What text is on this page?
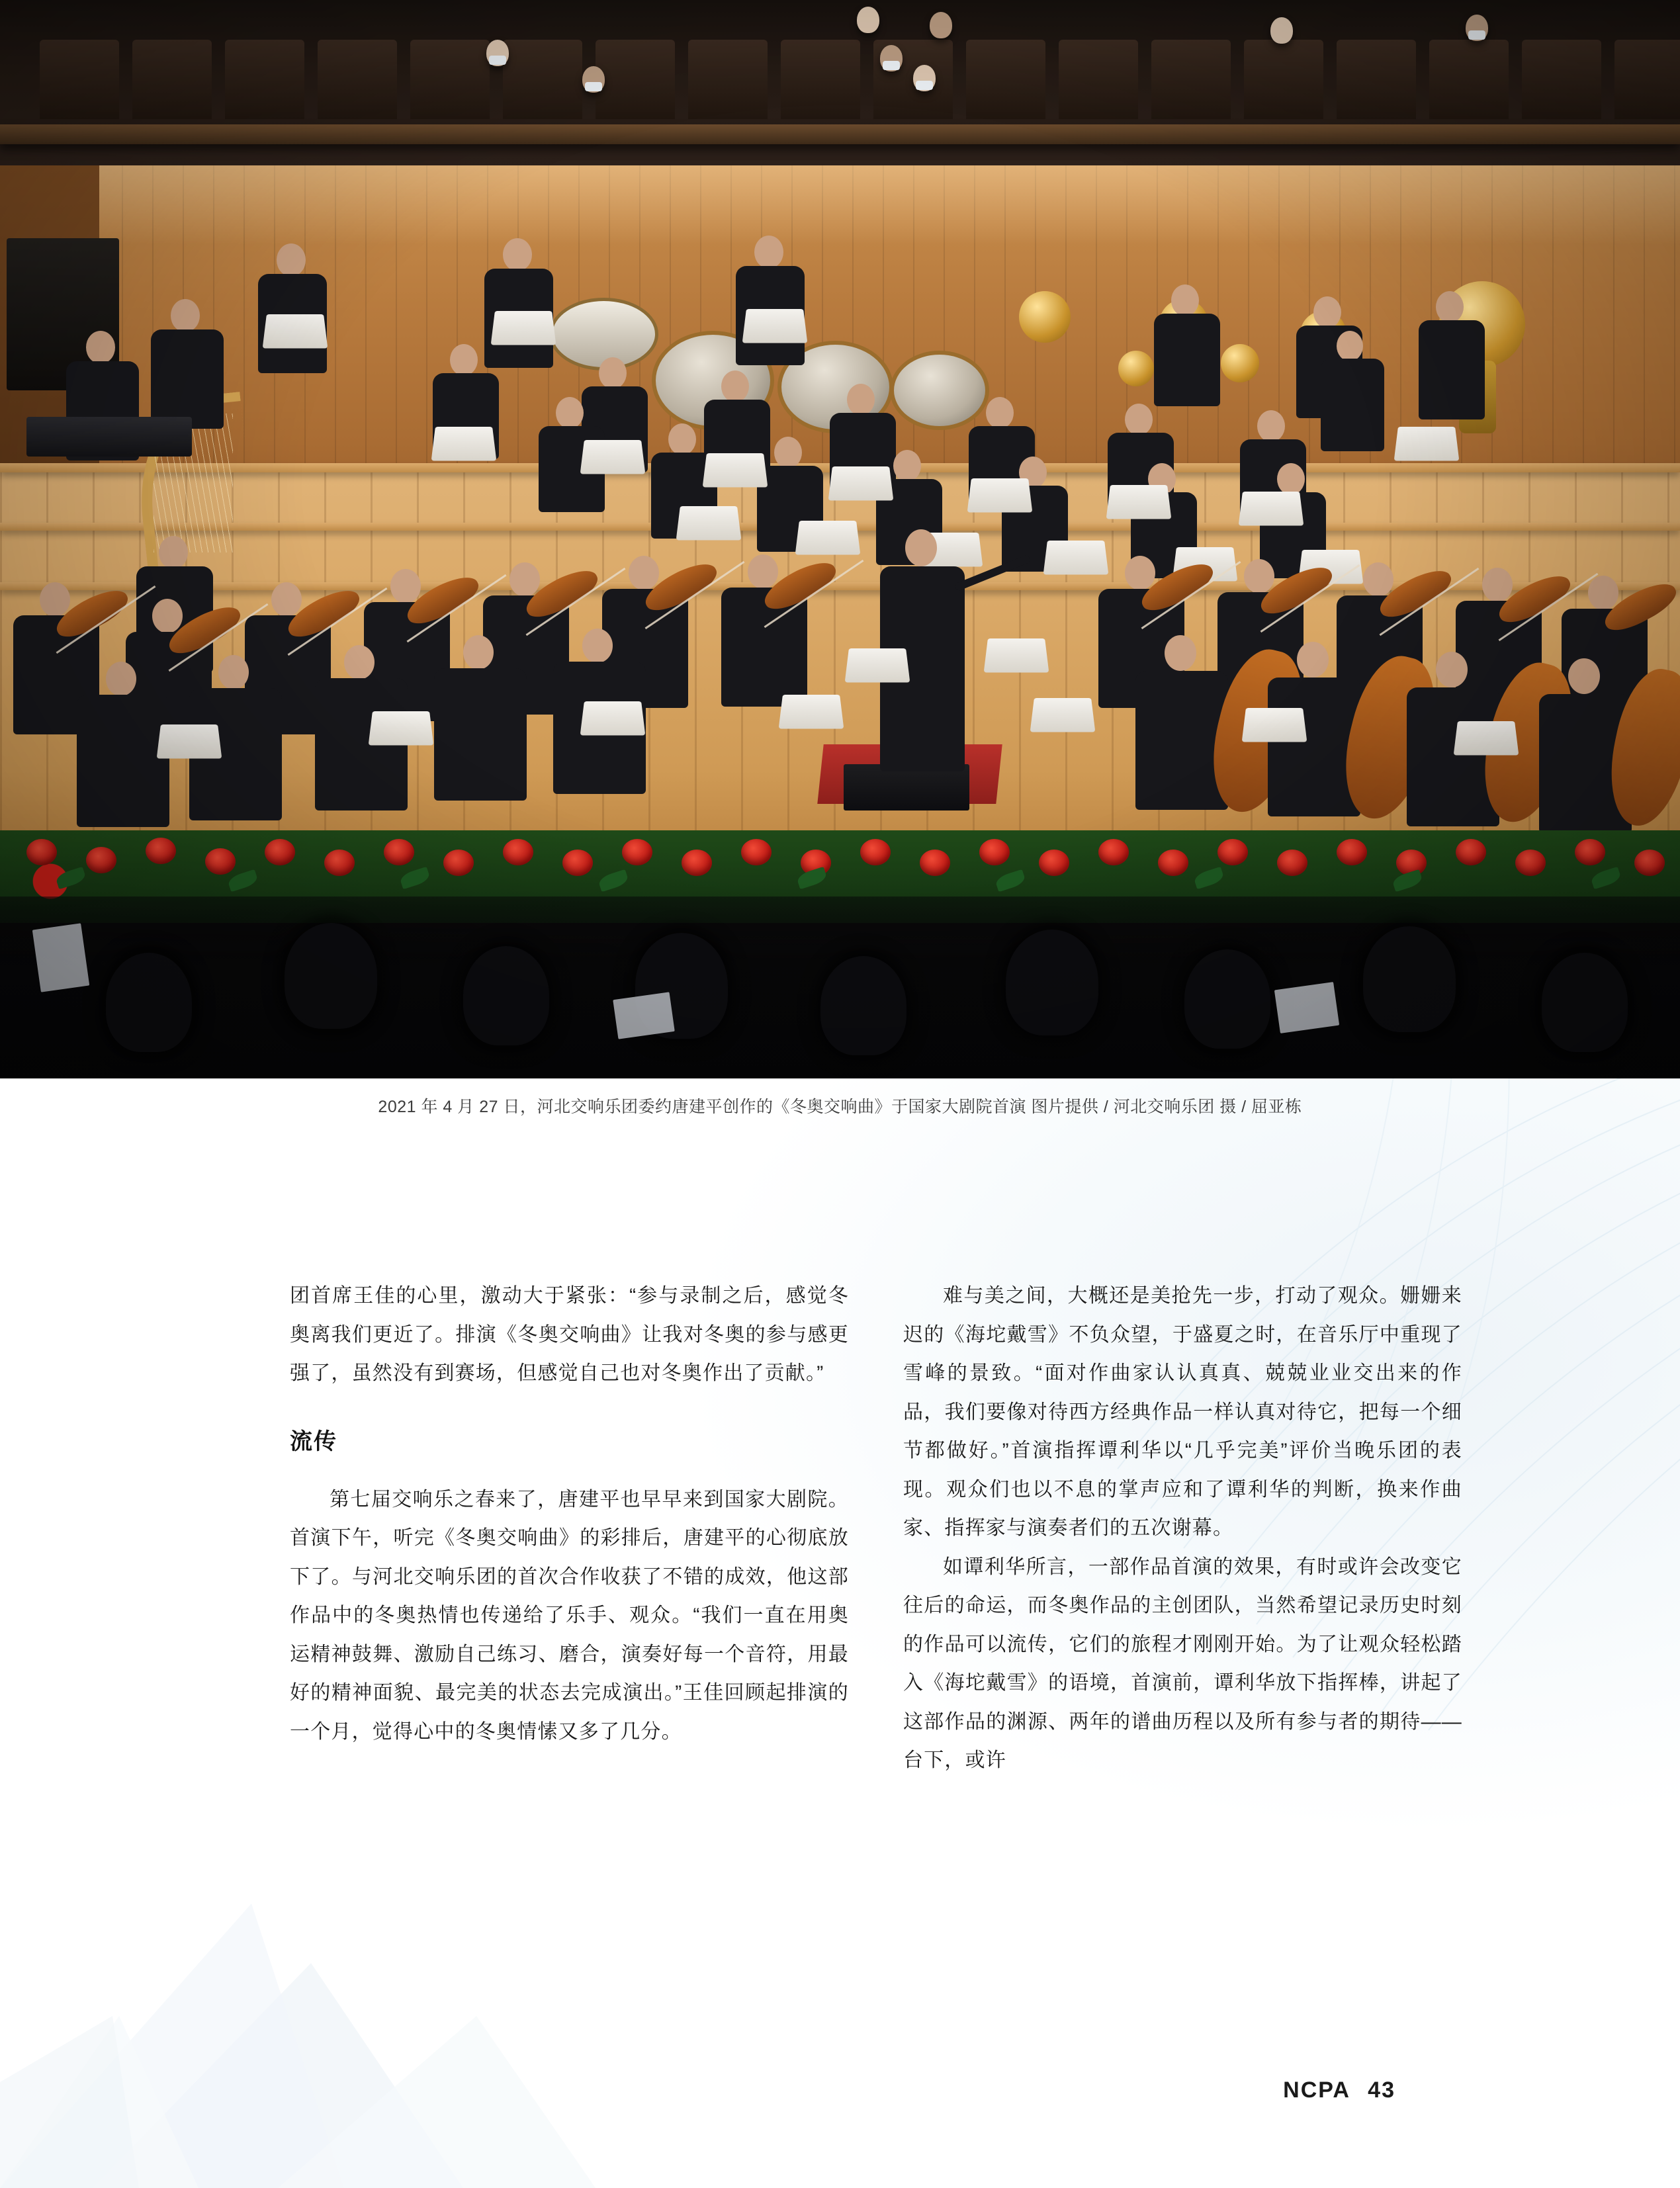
2021 年 4 月 27 日，河北交响乐团委约唐建平创作的《冬奥交响曲》于国家大剧院首演 图片提供 / 河北交响乐团 摄 / 屈亚栋

团首席王佳的心里，激动大于紧张：“参与录制之后，感觉冬奥离我们更近了。排演《冬奥交响曲》让我对冬奥的参与感更强了，虽然没有到赛场，但感觉自己也对冬奥作出了贡献。”

流传

第七届交响乐之春来了，唐建平也早早来到国家大剧院。首演下午，听完《冬奥交响曲》的彩排后，唐建平的心彻底放下了。与河北交响乐团的首次合作收获了不错的成效，他这部作品中的冬奥热情也传递给了乐手、观众。“我们一直在用奥运精神鼓舞、激励自己练习、磨合，演奏好每一个音符，用最好的精神面貌、最完美的状态去完成演出。”王佳回顾起排演的一个月，觉得心中的冬奥情愫又多了几分。

难与美之间，大概还是美抢先一步，打动了观众。姗姗来迟的《海坨戴雪》不负众望，于盛夏之时，在音乐厅中重现了雪峰的景致。“面对作曲家认认真真、兢兢业业交出来的作品，我们要像对待西方经典作品一样认真对待它，把每一个细节都做好。”首演指挥谭利华以“几乎完美”评价当晚乐团的表现。观众们也以不息的掌声应和了谭利华的判断，换来作曲家、指挥家与演奏者们的五次谢幕。

如谭利华所言，一部作品首演的效果，有时或许会改变它往后的命运，而冬奥作品的主创团队，当然希望记录历史时刻的作品可以流传，它们的旅程才刚刚开始。为了让观众轻松踏入《海坨戴雪》的语境，首演前，谭利华放下指挥棒，讲起了这部作品的渊源、两年的谱曲历程以及所有参与者的期待——台下，或许

NCPA 43
